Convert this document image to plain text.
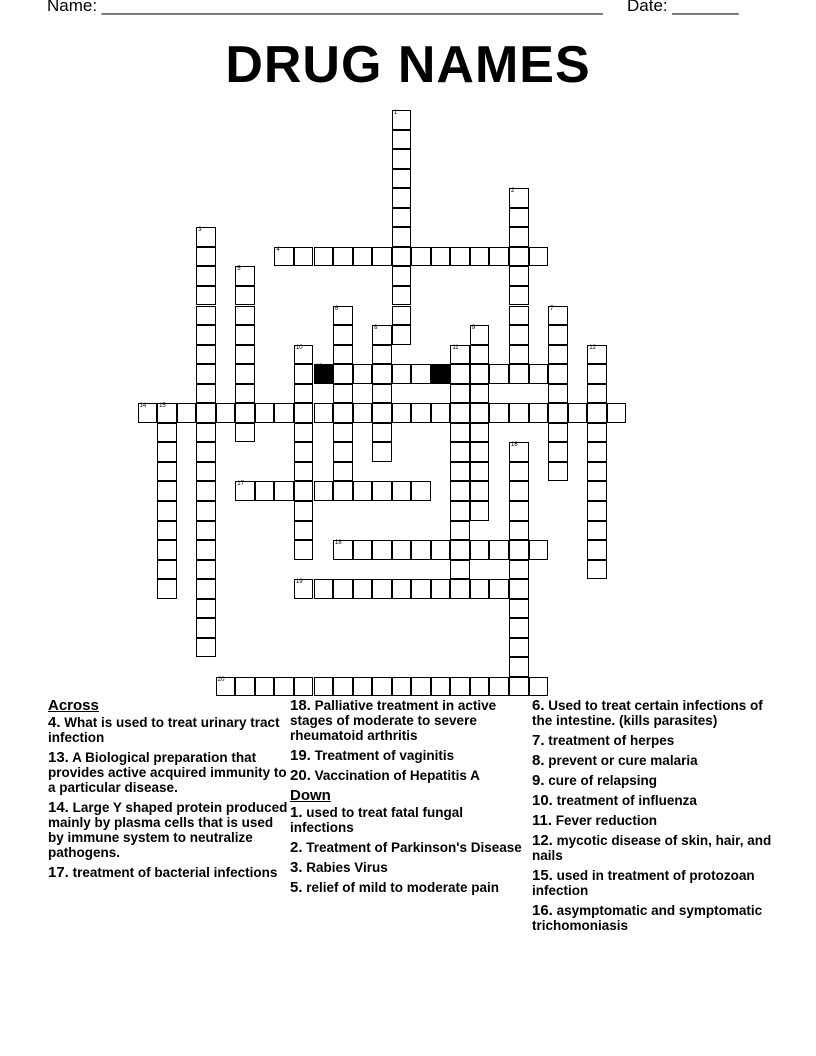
Name: _____________________________________________________ Date: _______
DRUG NAMES
1
2
3
4
5
6	7
8	9
10	11	12
13
14 15
16
17
18
19
20
Across
4. What is used to treat urinary tract infection
13. A Biological preparation that provides active acquired immunity to a particular disease.
14. Large Y shaped protein produced mainly by plasma cells that is used by immune system to neutralize pathogens.
17. treatment of bacterial infections
18. Palliative treatment in active stages of moderate to severe rheumatoid arthritis
19. Treatment of vaginitis
20. Vaccination of Hepatitis A
Down
1. used to treat fatal fungal infections
2. Treatment of Parkinson's Disease
3. Rabies Virus
5. relief of mild to moderate pain
6. Used to treat certain infections of the intestine. (kills parasites)
7. treatment of herpes
8. prevent or cure malaria
9. cure of relapsing
10. treatment of influenza
11. Fever reduction
12. mycotic disease of skin, hair, and nails
15. used in treatment of protozoan infection
16. asymptomatic and symptomatic trichomoniasis
